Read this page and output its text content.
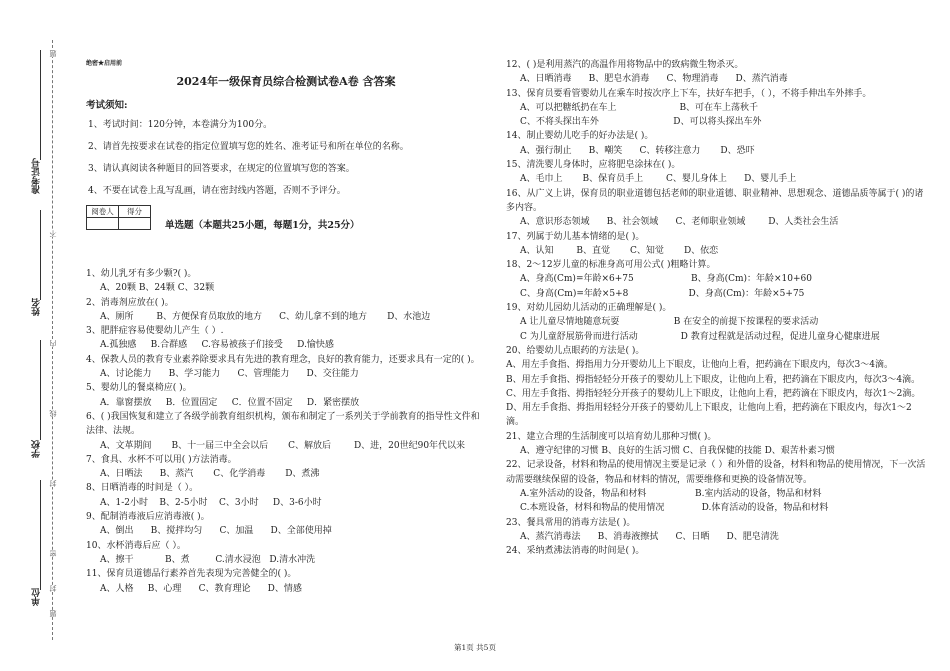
准考证号
姓名
学校
单位
题
不
内
线
封
密
封
题
绝密★启用前
2024年一级保育员综合检测试卷A卷 含答案
考试须知:

1、考试时间：120分钟，本卷满分为100分。

2、请首先按要求在试卷的指定位置填写您的姓名、准考证号和所在单位的名称。

3、请认真阅读各种题目的回答要求，在规定的位置填写您的答案。

4、不要在试卷上乱写乱画，请在密封线内答题，否则不予评分。

阅卷人	得分

单选题（本题共25小题，每题1分，共25分）
1、幼儿乳牙有多少颗?( )。
A、20颗 B、24颗 C、32颗
2、消毒剂应放在( )。
A、厕所        B、方便保育员取放的地方      C、幼儿拿不到的地方       D、水池边
3、肥胖症容易使婴幼儿产生（ ）.
A.孤独感     B.合群感     C.容易被孩子们接受     D.愉快感
4、保教人员的教育专业素养除要求具有先进的教育理念，良好的教育能力，还要求具有一定的( )。
A、讨论能力      B、学习能力      C、管理能力      D、交往能力
5、婴幼儿的餐桌椅应( )。
A．靠窗摆放     B．位置固定     C．位置不固定     D．紧密摆放
6、( )我国恢复和建立了各级学前教育组织机构，颁布和制定了一系列关于学前教育的指导性文件和法律、法规。
A、文革期间       B、十一届三中全会以后       C、解放后        D、进，20世纪90年代以来
7、食具、水杯不可以用( )方法消毒。
A、日晒法      B、蒸汽       C、化学消毒       D、煮沸
8、日晒消毒的时间是（ ）。
A、1-2小时    B、2-5小时    C、3小时     D、3-6小时
9、配制消毒液后应消毒液( )。
A、倒出      B、搅拌均匀      C、加温      D、全部使用掉
10、水杯消毒后应（ ）。
A、擦干           B、煮         C.清水浸泡   D.清水冲洗
11、保育员道德品行素养首先表现为完善健全的( )。
A、人格     B、心理      C、教育理论      D、情感
12、( )是利用蒸汽的高温作用将物品中的致病微生物杀灭。
A、日晒消毒      B、肥皂水消毒      C、物理消毒      D、蒸汽消毒
13、保育员要看管婴幼儿在乘车时按次序上下车，扶好车把手，（ ），不将手伸出车外摔手。
A、可以把糖纸扔在车上                      B、可在车上荡秋千
C、不将头探出车外                          D、可以将头探出车外
14、制止婴幼儿吃手的好办法是( )。
A、强行制止      B、嘲笑      C、转移注意力       D、恐吓
15、清洗婴儿身体时，应将肥皂涂抹在( )。
A、毛巾上       B、保育员手上        C、婴儿身体上      D、婴儿手上
16、从广义上讲，保育员的职业道德包括老师的职业道德、职业精神、思想观念、道德品质等属于( )的诸多内容。
A、意识形态领域      B、社会领域      C、老师职业领域        D、人类社会生活
17、列属于幼儿基本情绪的是( )。
A、认知        B、直觉       C、知觉       D、依恋
18、2～12岁儿童的标准身高可用公式( )粗略计算。
A、身高(Cm)=年龄×6+75                    B、身高(Cm)：年龄×10+60
C、身高(Cm)=年龄×5+8                     D、身高(Cm)：年龄×5+75
19、对幼儿园幼儿活动的正确理解是( )。
A 让儿童尽情地随意玩耍                   B 在安全的前提下按课程的要求活动
C 为儿童舒展筋骨而进行活动               D 教育过程就是活动过程，促进儿童身心健康进展
20、给婴幼儿点眼药的方法是( )。
A、用左手食指、拇指用力分开婴幼儿上下眼皮，让他向上看，把药滴在下眼皮内，每次3～4滴。
B、用左手食指、拇指轻轻分开孩子的婴幼儿上下眼皮，让他向上看，把药滴在下眼皮内，每次3～4滴。
C、用左手食指、拇指轻轻分开孩子的婴幼儿上下眼皮，让他向上看，把药滴在下眼皮内，每次1～2滴。
D、用左手食指、拇指用轻轻分开孩子的婴幼儿上下眼皮，让他向上看，把药滴在下眼皮内，每次1～2滴。
21、建立合理的生活制度可以培育幼儿那种习惯( )。
A、遵守纪律的习惯 B、良好的生活习惯 C、自我保健的技能 D、艰苦朴素习惯
22、记录设备，材料和物品的使用情况主要是记录（ ）和外借的设备，材料和物品的使用情况，下一次活动需要继续保留的设备，物品和材料的情况，需要维修和更换的设备情况等。
A.室外活动的设备，物品和材料                 B.室内活动的设备，物品和材料
C.本班设备，材料和物品的使用情况             D.体育活动的设备，物品和材料
23、餐具常用的消毒方法是( )。
A、蒸汽消毒法      B、消毒液擦拭      C、日晒      D、肥皂清洗
24、采纳煮沸法消毒的时间是( )。
第1页 共5页
